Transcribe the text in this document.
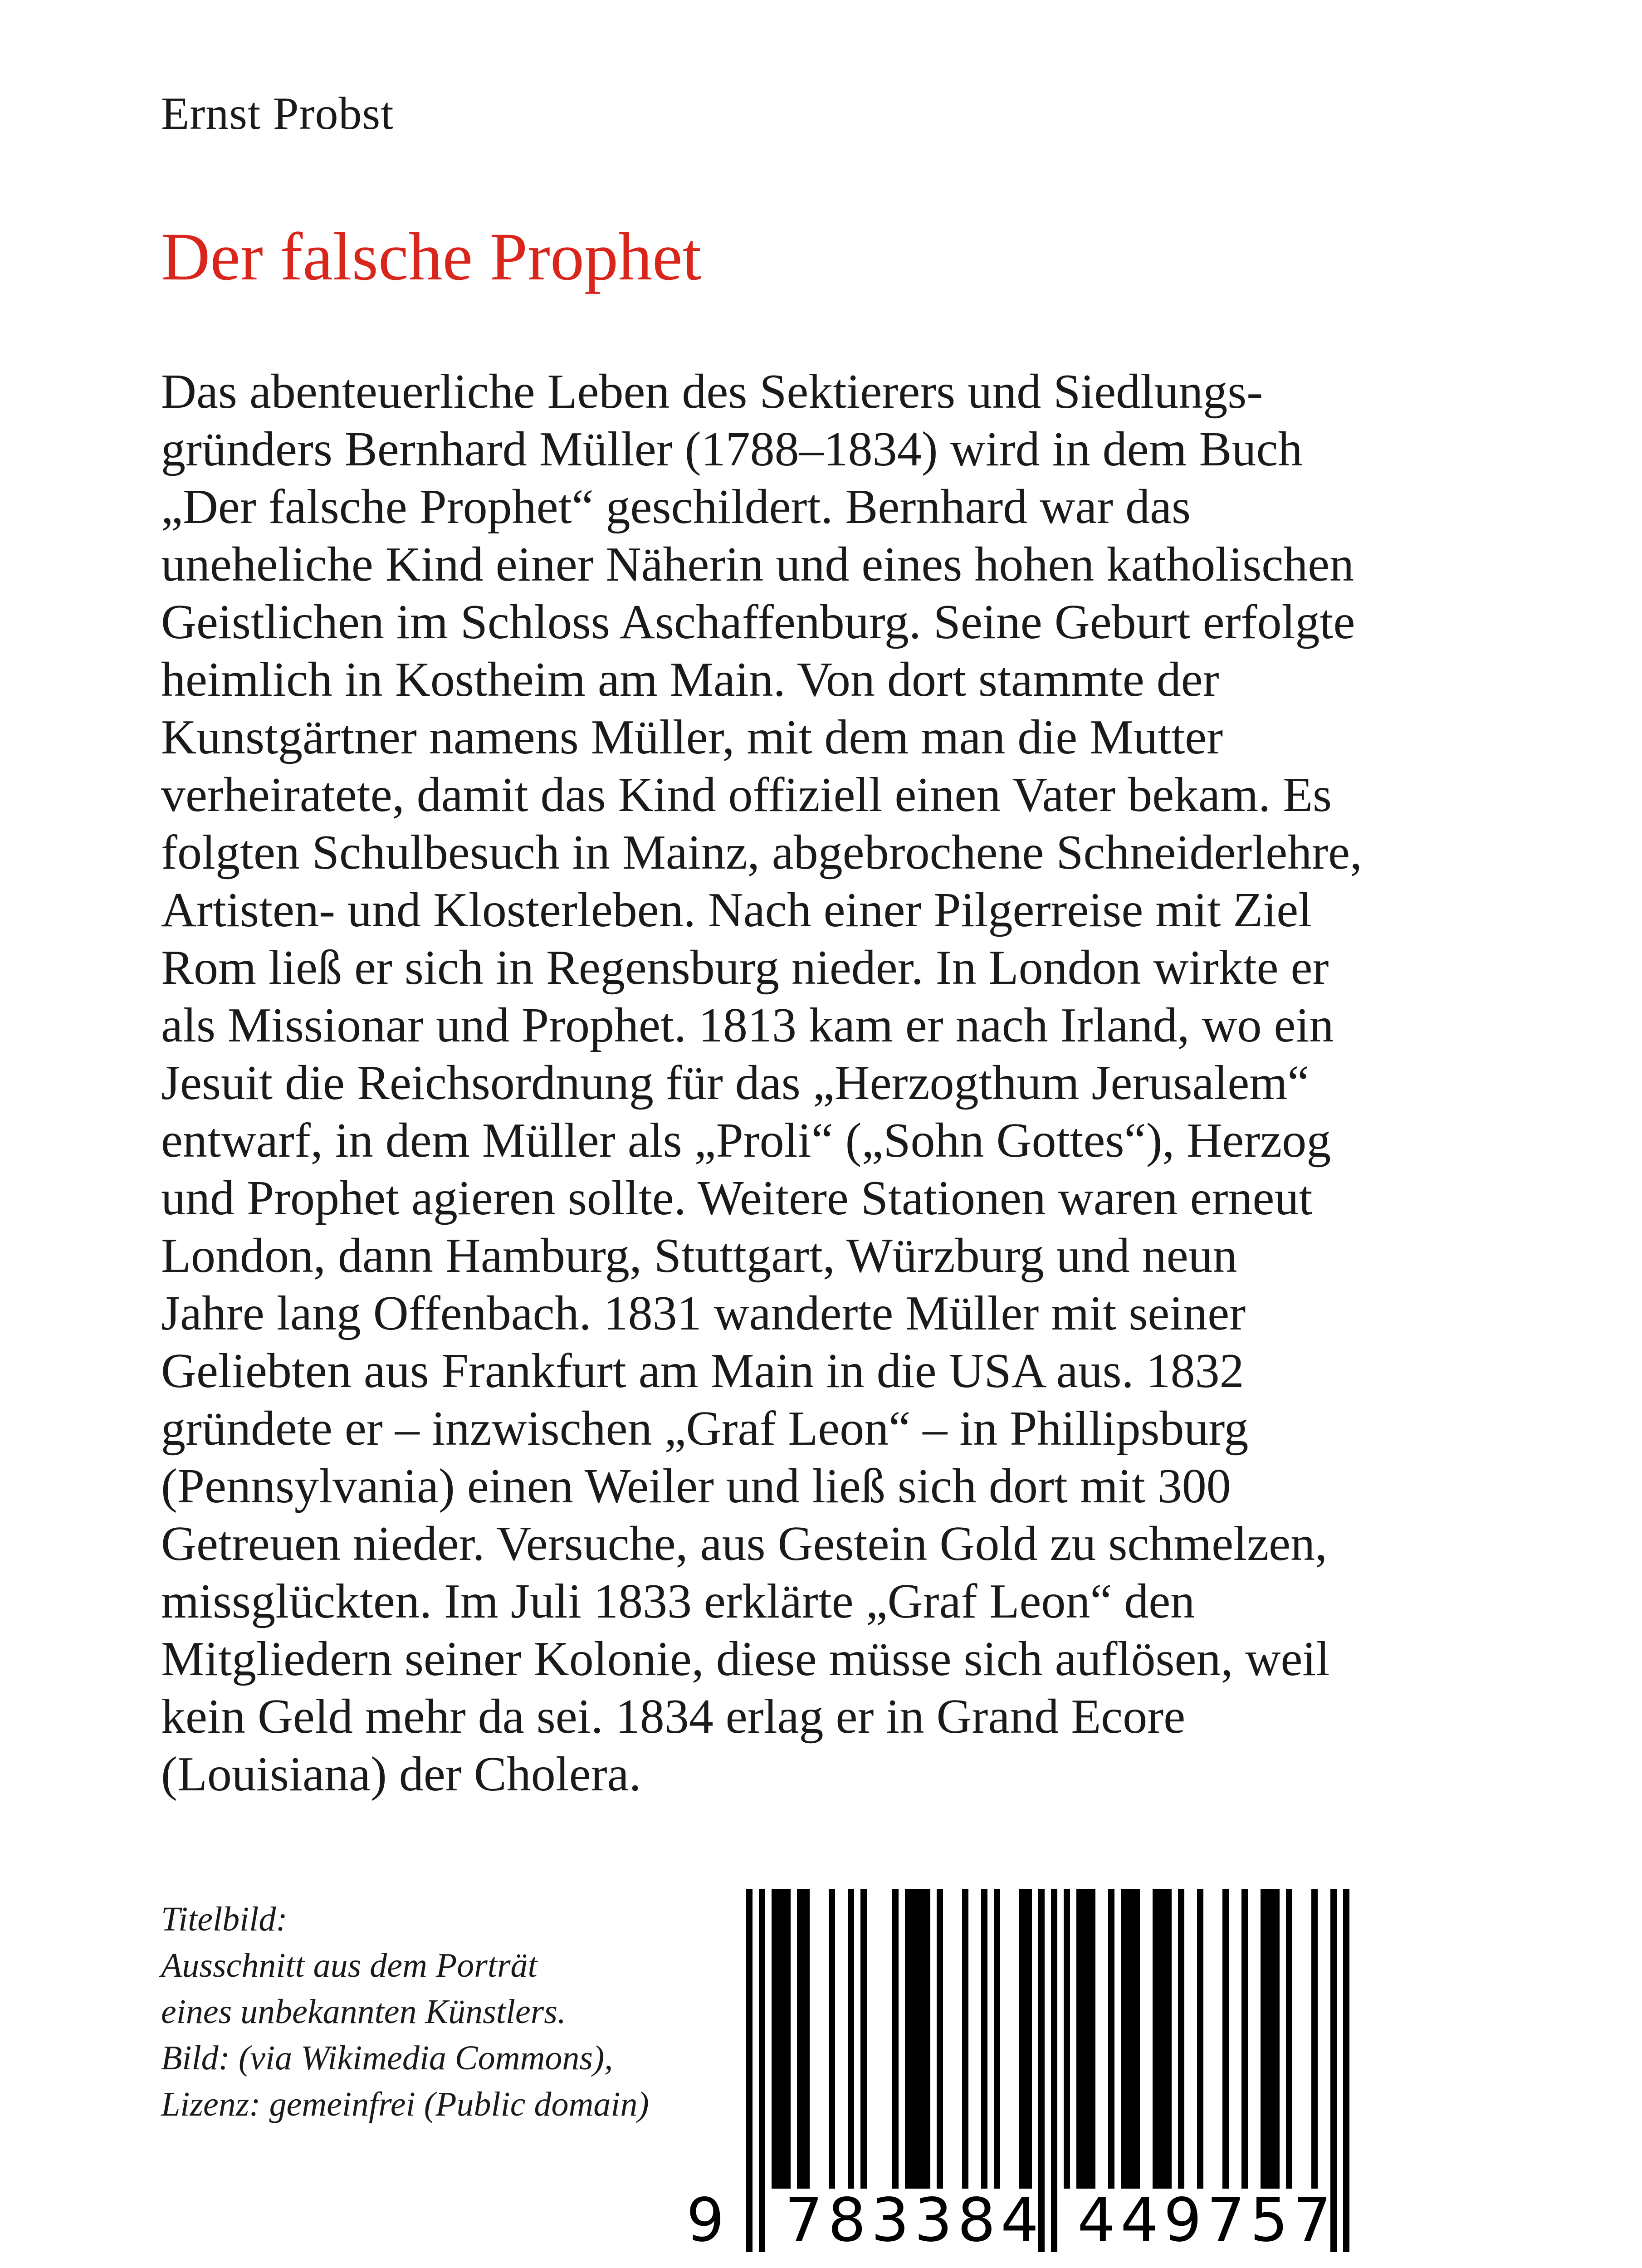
Ernst Probst
Der falsche Prophet
Das abenteuerliche Leben des Sektierers und Siedlungs-
gründers Bernhard Müller (1788–1834) wird in dem Buch
„Der falsche Prophet“ geschildert. Bernhard war das
uneheliche Kind einer Näherin und eines hohen katholischen
Geistlichen im Schloss Aschaffenburg. Seine Geburt erfolgte
heimlich in Kostheim am Main. Von dort stammte der
Kunstgärtner namens Müller, mit dem man die Mutter
verheiratete, damit das Kind offiziell einen Vater bekam. Es
folgten Schulbesuch in Mainz, abgebrochene Schneiderlehre,
Artisten- und Klosterleben. Nach einer Pilgerreise mit Ziel
Rom ließ er sich in Regensburg nieder. In London wirkte er
als Missionar und Prophet. 1813 kam er nach Irland, wo ein
Jesuit die Reichsordnung für das „Herzogthum Jerusalem“
entwarf, in dem Müller als „Proli“ („Sohn Gottes“), Herzog
und Prophet agieren sollte. Weitere Stationen waren erneut
London, dann Hamburg, Stuttgart, Würzburg und neun
Jahre lang Offenbach. 1831 wanderte Müller mit seiner
Geliebten aus Frankfurt am Main in die USA aus. 1832
gründete er – inzwischen „Graf Leon“ – in Phillipsburg
(Pennsylvania) einen Weiler und ließ sich dort mit 300
Getreuen nieder. Versuche, aus Gestein Gold zu schmelzen,
missglückten. Im Juli 1833 erklärte „Graf Leon“ den
Mitgliedern seiner Kolonie, diese müsse sich auflösen, weil
kein Geld mehr da sei. 1834 erlag er in Grand Ecore
(Louisiana) der Cholera.
Titelbild:
Ausschnitt aus dem Porträt
eines unbekannten Künstlers.
Bild: (via Wikimedia Commons),
Lizenz: gemeinfrei (Public domain)
9 783384 449757
